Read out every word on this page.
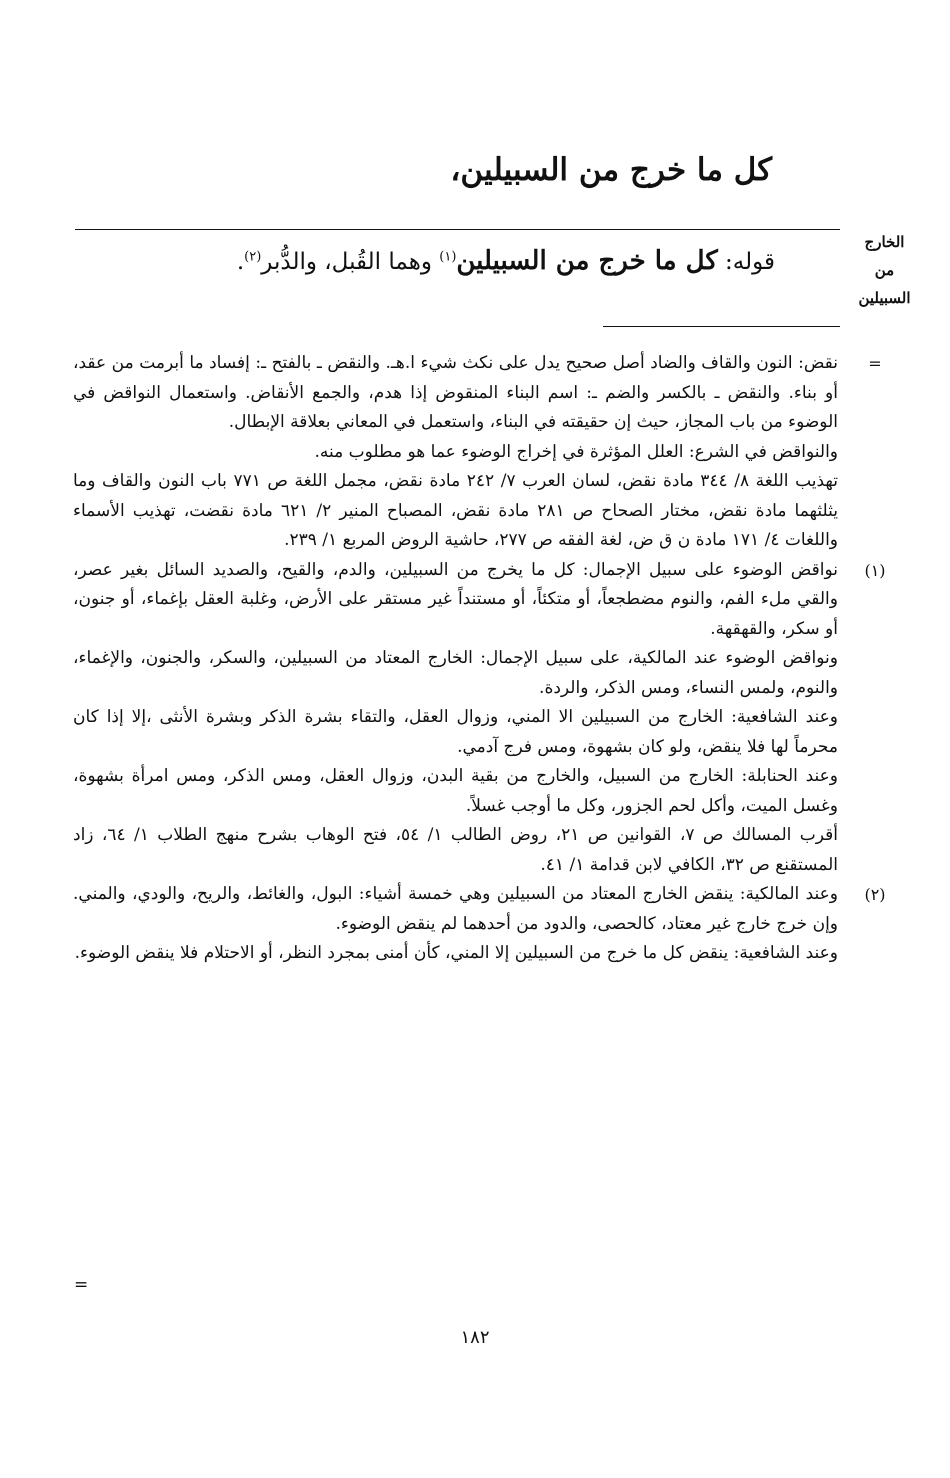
كل ما خرج من السبيلين،
الخارج
من
السبيلين
قوله: كل ما خرج من السبيلين$^{(١)}$ وهما القُبل، والدُّبر$^{(٢)}$.
=

نقض: النون والقاف والضاد أصل صحيح يدل على نكث شيء ا.هـ. والنقض ـ بالفتح ـ: إفساد ما أبرمت من عقد، أو بناء. والنقض ـ بالكسر والضم ـ: اسم البناء المنقوض إذا هدم، والجمع الأنقاض. واستعمال النواقض في الوضوء من باب المجاز، حيث إن حقيقته في البناء، واستعمل في المعاني بعلاقة الإبطال.

والنواقض في الشرع: العلل المؤثرة في إخراج الوضوء عما هو مطلوب منه.

تهذيب اللغة ٨/ ٣٤٤ مادة نقض، لسان العرب ٧/ ٢٤٢ مادة نقض، مجمل اللغة ص ٧٧١ باب النون والقاف وما يثلثهما مادة نقض، مختار الصحاح ص ٢٨١ مادة نقض، المصباح المنير ٢/ ٦٢١ مادة نقضت، تهذيب الأسماء واللغات ٤/ ١٧١ مادة ن ق ض، لغة الفقه ص ٢٧٧، حاشية الروض المربع ١/ ٢٣٩.

(١)

نواقض الوضوء على سبيل الإجمال: كل ما يخرج من السبيلين، والدم، والقيح، والصديد السائل بغير عصر، والقي ملء الفم، والنوم مضطجعاً، أو متكئاً، أو مستنداً غير مستقر على الأرض، وغلبة العقل بإغماء، أو جنون، أو سكر، والقهقهة.

ونواقض الوضوء عند المالكية، على سبيل الإجمال: الخارج المعتاد من السبيلين، والسكر، والجنون، والإغماء، والنوم، ولمس النساء، ومس الذكر، والردة.

وعند الشافعية: الخارج من السبيلين الا المني، وزوال العقل، والتقاء بشرة الذكر وبشرة الأنثى ،إلا إذا كان محرماً لها فلا ينقض، ولو كان بشهوة، ومس فرج آدمي.

وعند الحنابلة: الخارج من السبيل، والخارج من بقية البدن، وزوال العقل، ومس الذكر، ومس امرأة بشهوة، وغسل الميت، وأكل لحم الجزور، وكل ما أوجب غسلاً.

أقرب المسالك ص ٧، القوانين ص ٢١، روض الطالب ١/ ٥٤، فتح الوهاب بشرح منهج الطلاب ١/ ٦٤، زاد المستقنع ص ٣٢، الكافي لابن قدامة ١/ ٤١.

(٢)

وعند المالكية: ينقض الخارج المعتاد من السبيلين وهي خمسة أشياء: البول، والغائط، والريح، والودي، والمني. وإن خرج خارج غير معتاد، كالحصى، والدود من أحدهما لم ينقض الوضوء.

وعند الشافعية: ينقض كل ما خرج من السبيلين إلا المني، كأن أمنى بمجرد النظر، أو الاحتلام فلا ينقض الوضوء.

=
١٨٢
